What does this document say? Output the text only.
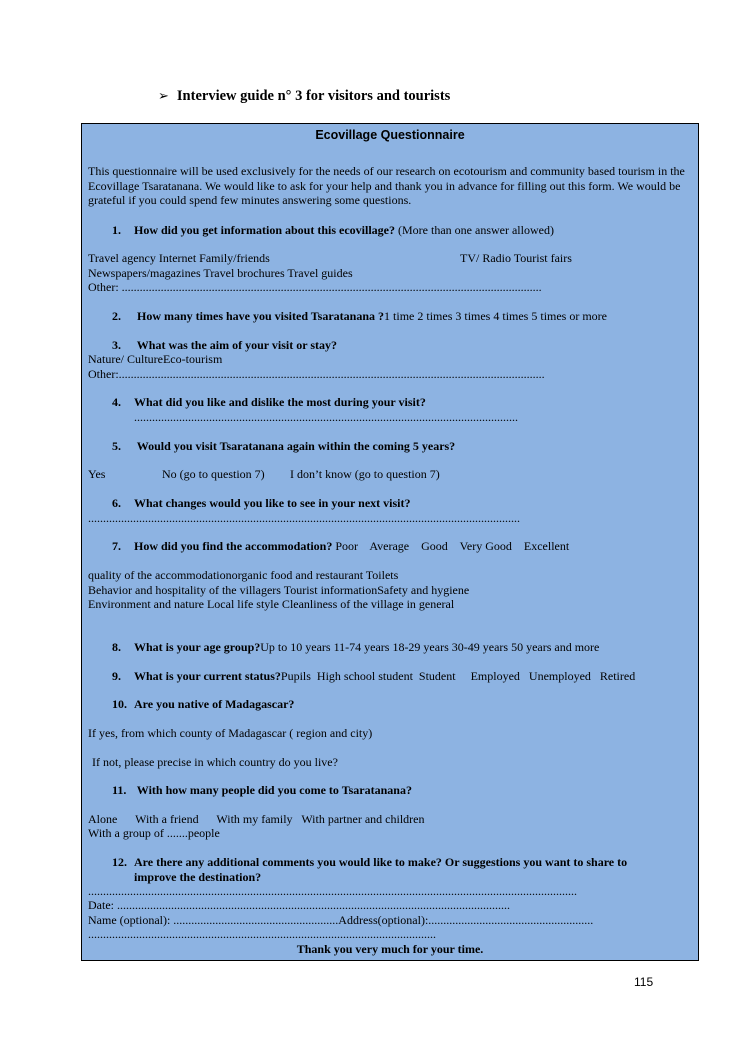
➢ Interview guide n° 3 for visitors and tourists
Ecovillage Questionnaire
This questionnaire will be used exclusively for the needs of our research on ecotourism and community based tourism in the Ecovillage Tsaratanana. We would like to ask for your help and thank you in advance for filling out this form. We would be grateful if you could spend few minutes answering some questions.
1. How did you get information about this ecovillage? (More than one answer allowed)
Travel agency Internet Family/friends	TV/ Radio Tourist fairs
Newspapers/magazines Travel brochures Travel guides
Other: ............................................................................................................................................
2. How many times have you visited Tsaratanana ?1 time 2 times 3 times 4 times 5 times or more
3. What was the aim of your visit or stay?
Nature/ CultureEco-tourism
Other:..............................................................................................................................................
4. What did you like and dislike the most during your visit?
................................................................................................................................
5. Would you visit Tsaratanana again within the coming 5 years?
Yes	No (go to question 7) I don’t know (go to question 7)
6. What changes would you like to see in your next visit?
................................................................................................................................................
7. How did you find the accommodation? Poor    Average    Good    Very Good    Excellent
quality of the accommodationorganic food and restaurant Toilets
Behavior and hospitality of the villagers Tourist informationSafety and hygiene
Environment and nature Local life style Cleanliness of the village in general
8. What is your age group?Up to 10 years 11-74 years 18-29 years 30-49 years 50 years and more
9. What is your current status?Pupils  High school student  Student     Employed   Unemployed   Retired
10. Are you native of Madagascar?
If yes, from which county of Madagascar ( region and city)
If not, please precise in which country do you live?
11. With how many people did you come to Tsaratanana?
Alone      With a friend      With my family   With partner and children
With a group of .......people
12. Are there any additional comments you would like to make? Or suggestions you want to share to
improve the destination?
...................................................................................................................................................................
Date: ...................................................................................................................................
Name (optional): .......................................................Address(optional):.......................................................
....................................................................................................................
Thank you very much for your time.
115
